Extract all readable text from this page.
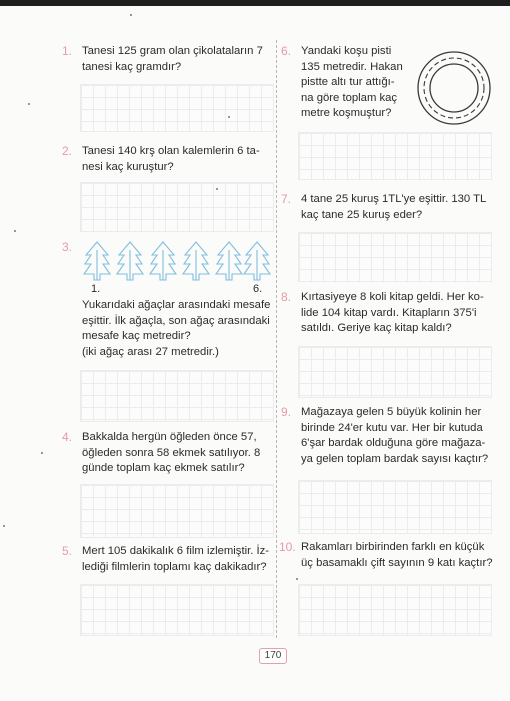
1. Tanesi 125 gram olan çikolataların 7
tanesi kaç gramdır?
2. Tanesi 140 krş olan kalemlerin 6 ta-
nesi kaç kuruştur?
3.
1.	6.
Yukarıdaki ağaçlar arasındaki mesafe
eşittir. İlk ağaçla, son ağaç arasındaki
mesafe kaç metredir?
(iki ağaç arası 27 metredir.)
4. Bakkalda hergün öğleden önce 57,
öğleden sonra 58 ekmek satılıyor. 8
günde toplam kaç ekmek satılır?
5. Mert 105 dakikalık 6 film izlemiştir. İz-
lediği filmlerin toplamı kaç dakikadır?
6. Yandaki koşu pisti
135 metredir. Hakan
pistte altı tur attığı-
na göre toplam kaç
metre koşmuştur?
7. 4 tane 25 kuruş 1TL'ye eşittir. 130 TL
kaç tane 25 kuruş eder?
8. Kırtasiyeye 8 koli kitap geldi. Her ko-
lide 104 kitap vardı. Kitapların 375'i
satıldı. Geriye kaç kitap kaldı?
9. Mağazaya gelen 5 büyük kolinin her
birinde 24'er kutu var. Her bir kutuda
6'şar bardak olduğuna göre mağaza-
ya gelen toplam bardak sayısı kaçtır?
10. Rakamları birbirinden farklı en küçük
üç basamaklı çift sayının 9 katı kaçtır?
170
